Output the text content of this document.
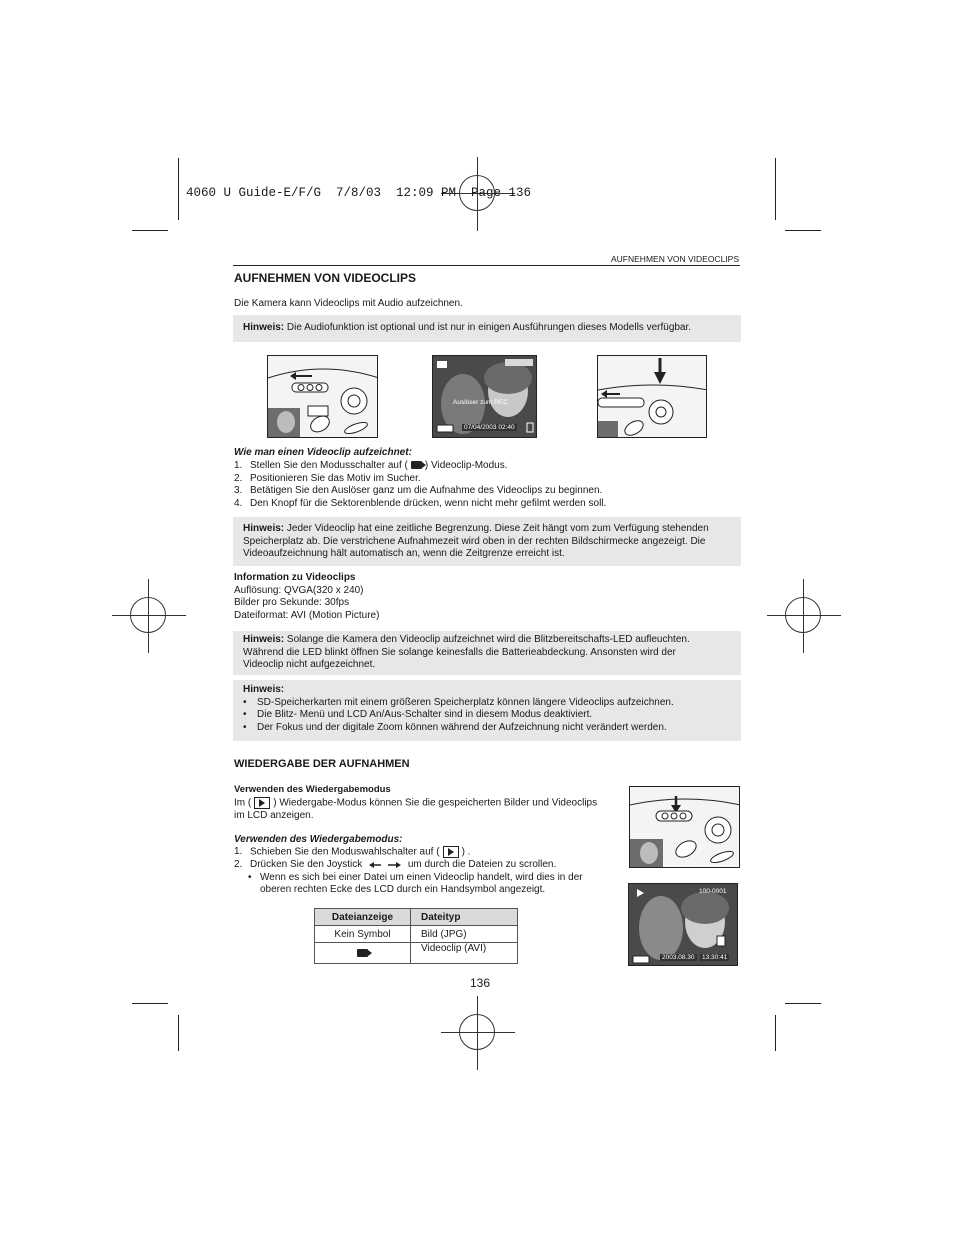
4060 U Guide-E/F/G  7/8/03  12:09 PM  Page 136
AUFNEHMEN VON VIDEOCLIPS
AUFNEHMEN VON VIDEOCLIPS
Die Kamera kann Videoclips mit Audio aufzeichnen.
Hinweis: Die Audiofunktion ist optional und ist nur in einigen Ausführungen dieses Modells verfügbar.
Auslöser zum REC
07/04/2003 02:40
Wie man einen Videoclip aufzeichnet:
1. Stellen Sie den Modusschalter auf ( ) Videoclip-Modus.
2. Positionieren Sie das Motiv im Sucher.
3. Betätigen Sie den Auslöser ganz um die Aufnahme des Videoclips zu beginnen.
4. Den Knopf für die Sektorenblende drücken, wenn nicht mehr gefilmt werden soll.
Hinweis: Jeder Videoclip hat eine zeitliche Begrenzung. Diese Zeit hängt vom zum Verfügung stehenden
Speicherplatz ab. Die verstrichene Aufnahmezeit wird oben in der rechten Bildschirmecke angezeigt. Die
Videoaufzeichnung hält automatisch an, wenn die Zeitgrenze erreicht ist.
Information zu Videoclips
Auflösung: QVGA(320 x 240)
Bilder pro Sekunde: 30fps
Dateiformat: AVI (Motion Picture)
Hinweis: Solange die Kamera den Videoclip aufzeichnet wird die Blitzbereitschafts-LED aufleuchten.
Während die LED blinkt öffnen Sie solange keinesfalls die Batterieabdeckung. Ansonsten wird der
Videoclip nicht aufgezeichnet.
Hinweis:
• SD-Speicherkarten mit einem größeren Speicherplatz können längere Videoclips aufzeichnen.
• Die Blitz- Menü und LCD An/Aus-Schalter sind in diesem Modus deaktiviert.
• Der Fokus und der digitale Zoom können während der Aufzeichnung nicht verändert werden.
WIEDERGABE DER AUFNAHMEN
Verwenden des Wiedergabemodus
Im ( ) Wiedergabe-Modus können Sie die gespeicherten Bilder und Videoclips
im LCD anzeigen.
Verwenden des Wiedergabemodus:
1. Schieben Sie den Moduswahlschalter auf ( ) .
2. Drücken Sie den Joystick	um durch die Dateien zu scrollen.
• Wenn es sich bei einer Datei um einen Videoclip handelt, wird dies in der
oberen rechten Ecke des LCD durch ein Handsymbol angezeigt.
Dateianzeige	Dateityp
Kein Symbol	Bild (JPG)
	Videoclip (AVI)
100-0001
2003.08.30	13:30:41
136
